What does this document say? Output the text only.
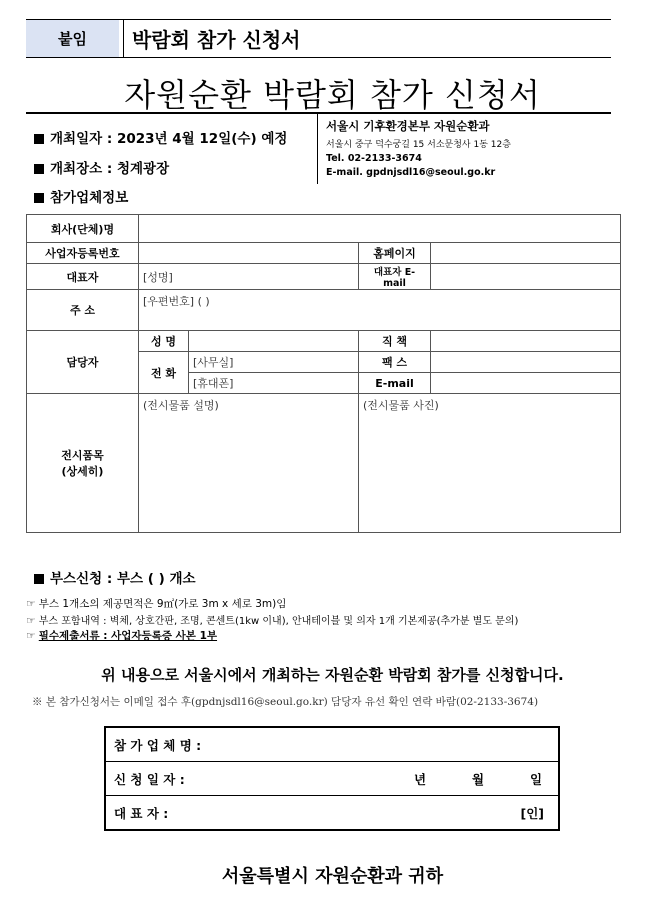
붙임	박람회 참가 신청서
자원순환 박람회 참가 신청서
개최일자 : 2023년 4월 12일(수) 예정
개최장소 : 청계광장
참가업체정보
서울시 기후환경본부 자원순환과
서울시 중구 덕수궁길 15 서소문청사 1동 12층
Tel. 02-2133-3674
E-mail. gpdnjsdl16@seoul.go.kr
회사(단체)명				
사업자등록번호			홈페이지	
대표자	[성명]		대표자 E-mail	
주 소	[우편번호] ( )			
담당자	성 명		직 책	
	전 화	[사무실]	팩 스	
		[휴대폰]	E-mail	

전시품목
(상세히)	(전시물품 설명)		(전시물품 사진)	
부스신청 : 부스 ( ) 개소
☞ 부스 1개소의 제공면적은 9㎡(가로 3m x 세로 3m)임
☞ 부스 포함내역 : 벽체, 상호간판, 조명, 콘센트(1kw 이내), 안내테이블 및 의자 1개 기본제공(추가분 별도 문의)
☞ 필수제출서류 : 사업자등록증 사본 1부
위 내용으로 서울시에서 개최하는 자원순환 박람회 참가를 신청합니다.
※ 본 참가신청서는 이메일 접수 후(gpdnjsdl16@seoul.go.kr) 담당자 유선 확인 연락 바람(02-2133-3674)
참 가 업 체 명 :

신 청 일 자 :	년	월	일

대 표 자 :	[인]
서울특별시 자원순환과 귀하
